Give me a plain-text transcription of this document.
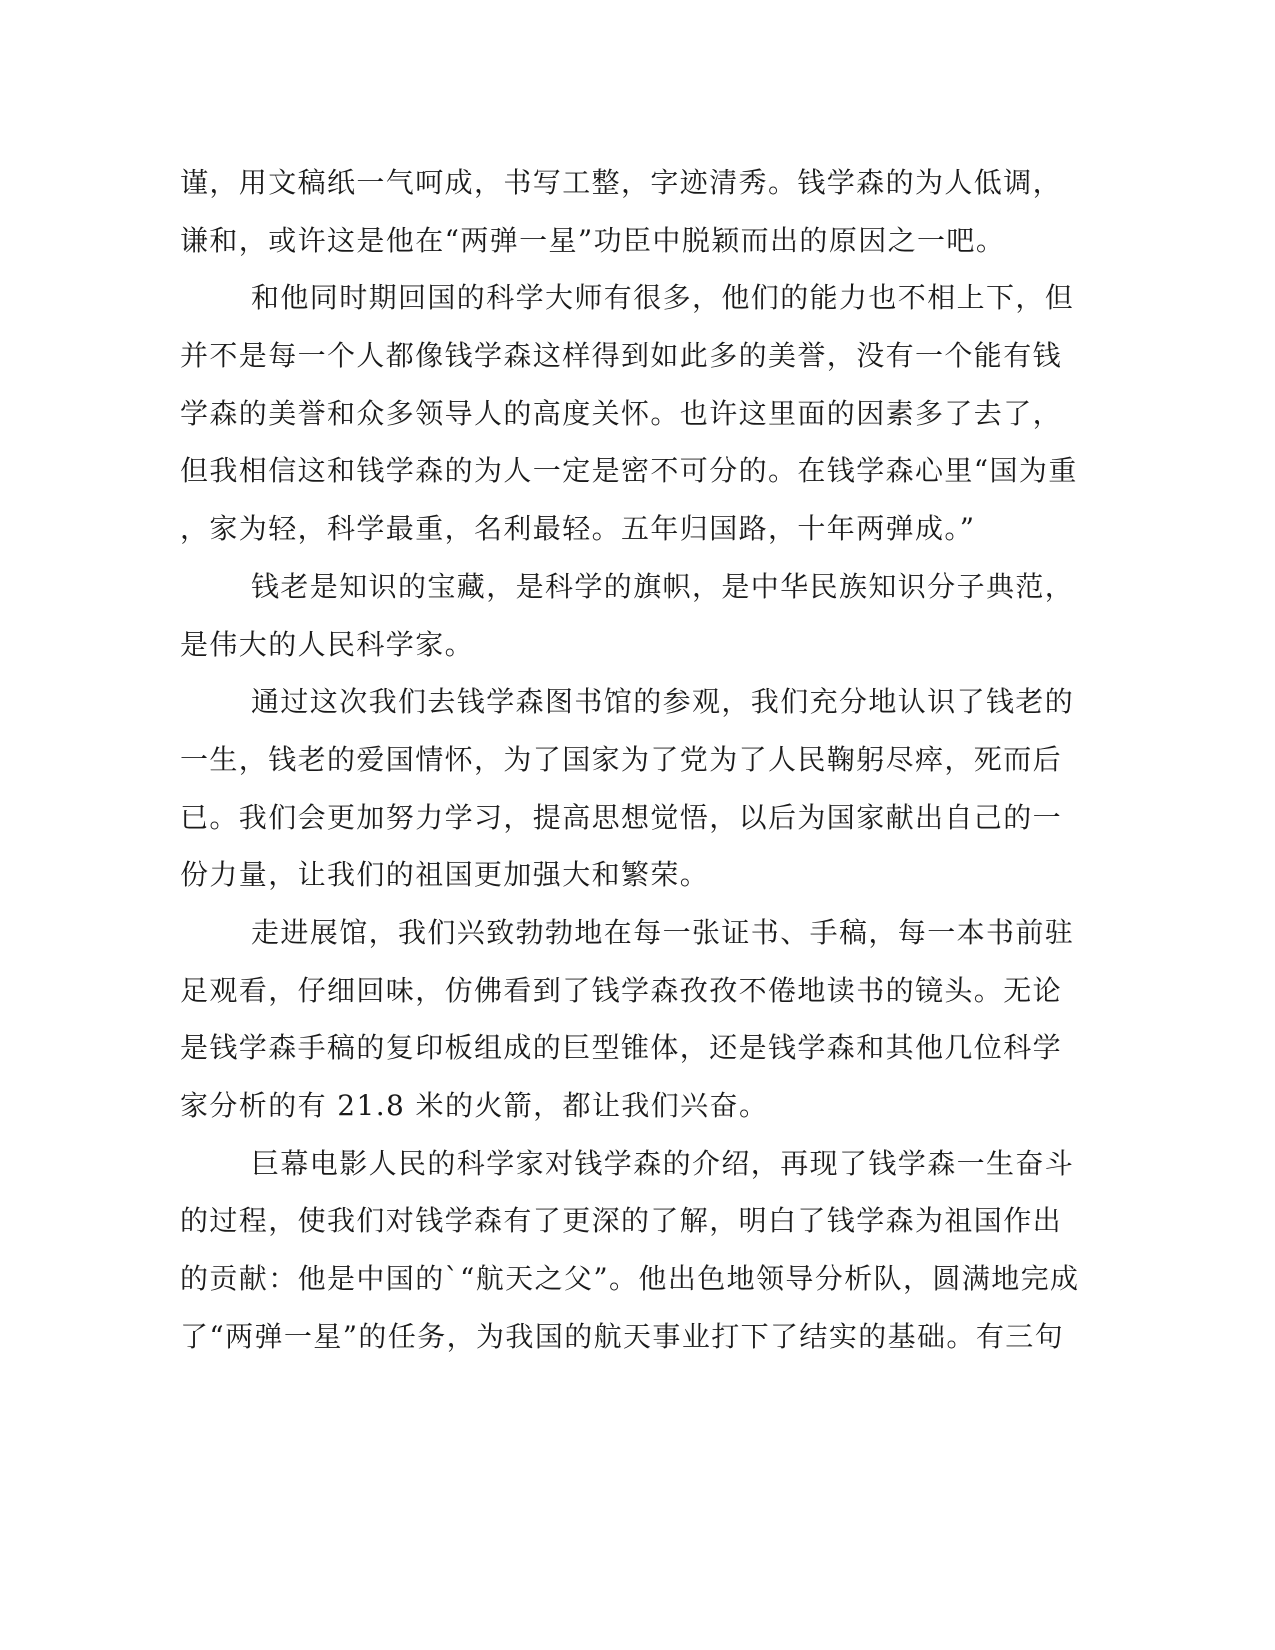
谨，用文稿纸一气呵成，书写工整，字迹清秀。钱学森的为人低调，
谦和，或许这是他在“两弹一星”功臣中脱颖而出的原因之一吧。
和他同时期回国的科学大师有很多，他们的能力也不相上下，但
并不是每一个人都像钱学森这样得到如此多的美誉，没有一个能有钱
学森的美誉和众多领导人的高度关怀。也许这里面的因素多了去了，
但我相信这和钱学森的为人一定是密不可分的。在钱学森心里“国为重
，家为轻，科学最重，名利最轻。五年归国路，十年两弹成。”
钱老是知识的宝藏，是科学的旗帜，是中华民族知识分子典范，
是伟大的人民科学家。
通过这次我们去钱学森图书馆的参观，我们充分地认识了钱老的
一生，钱老的爱国情怀，为了国家为了党为了人民鞠躬尽瘁，死而后
已。我们会更加努力学习，提高思想觉悟，以后为国家献出自己的一
份力量，让我们的祖国更加强大和繁荣。
走进展馆，我们兴致勃勃地在每一张证书、手稿，每一本书前驻
足观看，仔细回味，仿佛看到了钱学森孜孜不倦地读书的镜头。无论
是钱学森手稿的复印板组成的巨型锥体，还是钱学森和其他几位科学
家分析的有 21.8 米的火箭，都让我们兴奋。
巨幕电影人民的科学家对钱学森的介绍，再现了钱学森一生奋斗
的过程，使我们对钱学森有了更深的了解，明白了钱学森为祖国作出
的贡献：他是中国的`“航天之父”。他出色地领导分析队，圆满地完成
了“两弹一星”的任务，为我国的航天事业打下了结实的基础。有三句
